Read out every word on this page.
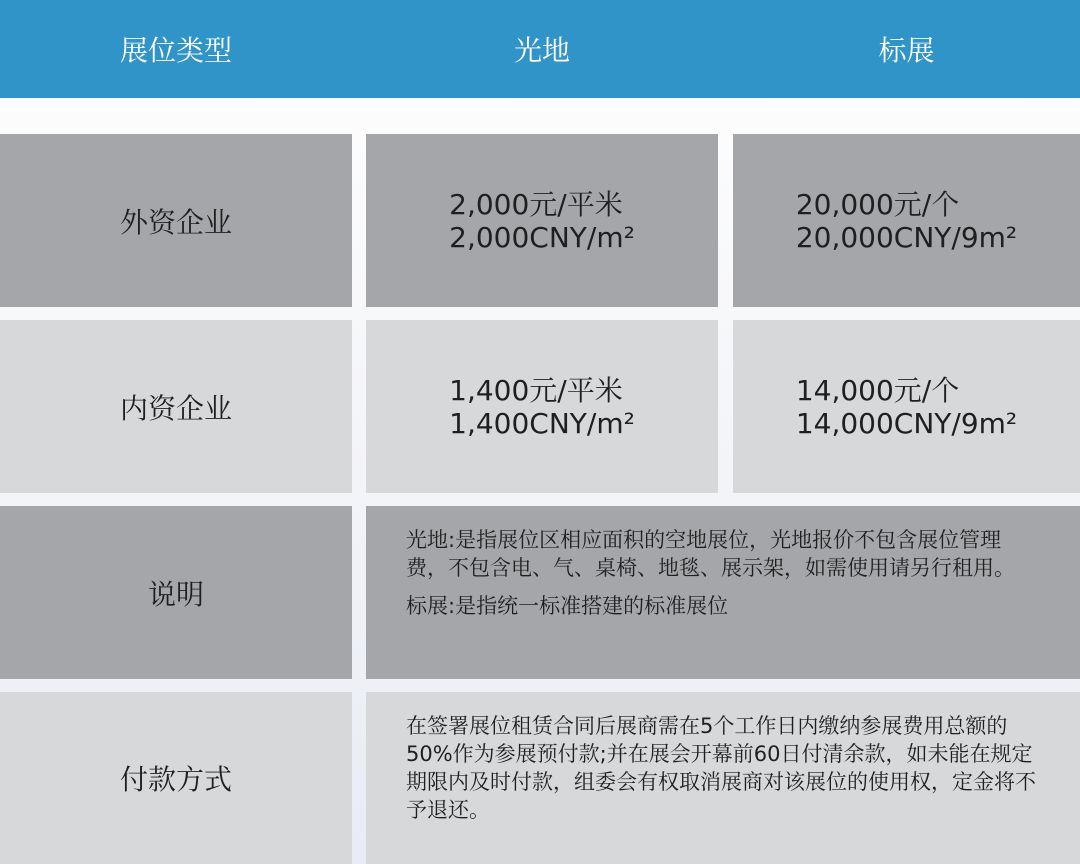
展位类型	光地	标展
外资企业
2,000元/平米
2,000CNY/m²
20,000元/个
20,000CNY/9m²
内资企业
1,400元/平米
1,400CNY/m²
14,000元/个
14,000CNY/9m²
说明

光地:是指展位区相应面积的空地展位，光地报价不包含展位管理费，不包含电、气、桌椅、地毯、展示架，如需使用请另行租用。

标展:是指统一标准搭建的标准展位

付款方式

在签署展位租赁合同后展商需在5个工作日内缴纳参展费用总额的50%作为参展预付款;并在展会开幕前60日付清余款，如未能在规定期限内及时付款，组委会有权取消展商对该展位的使用权，定金将不予退还。
